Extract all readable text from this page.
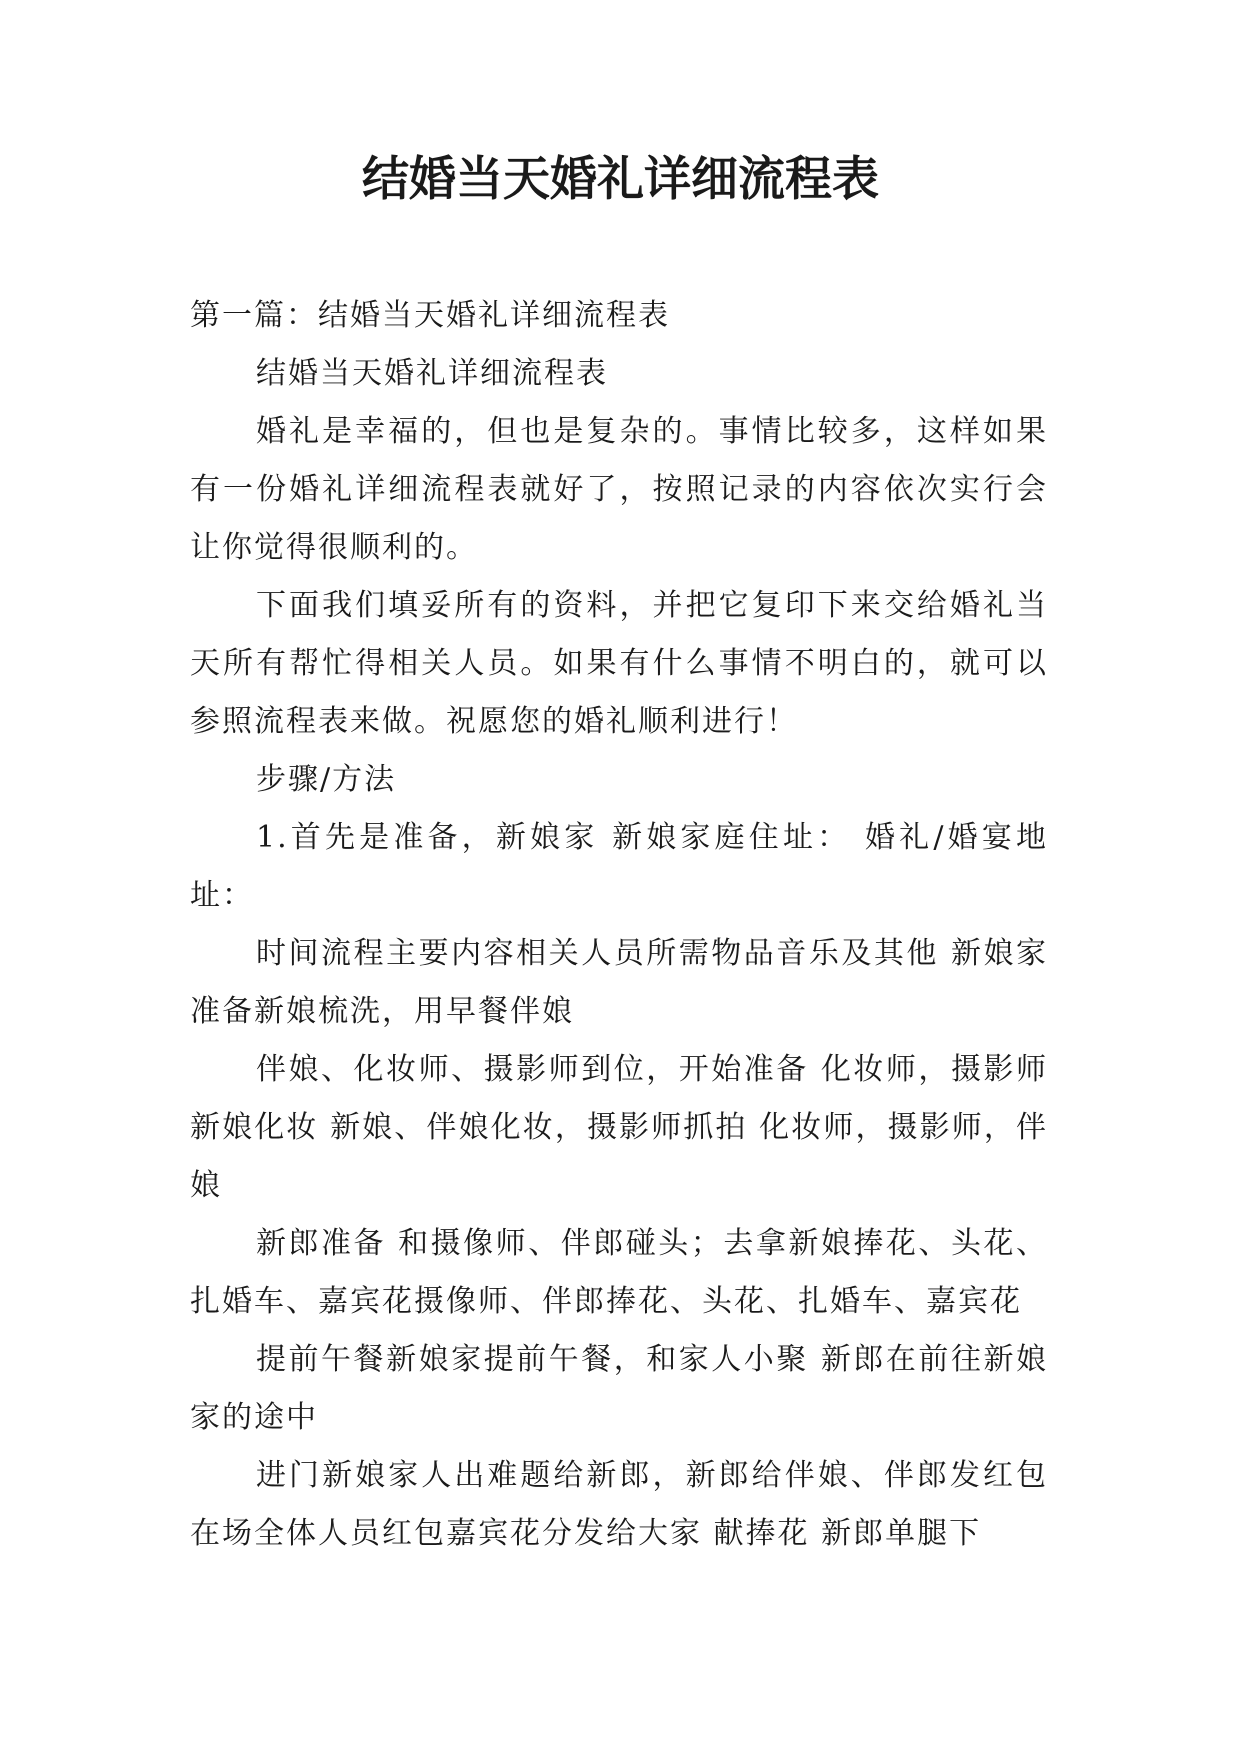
结婚当天婚礼详细流程表

第一篇：结婚当天婚礼详细流程表

结婚当天婚礼详细流程表

婚礼是幸福的，但也是复杂的。事情比较多，这样如果有一份婚礼详细流程表就好了，按照记录的内容依次实行会让你觉得很顺利的。

下面我们填妥所有的资料，并把它复印下来交给婚礼当天所有帮忙得相关人员。如果有什么事情不明白的，就可以参照流程表来做。祝愿您的婚礼顺利进行！

步骤/方法

1.首先是准备，新娘家 新娘家庭住址： 婚礼/婚宴地址：

时间流程主要内容相关人员所需物品音乐及其他 新娘家 准备新娘梳洗，用早餐伴娘

伴娘、化妆师、摄影师到位，开始准备 化妆师，摄影师 新娘化妆 新娘、伴娘化妆，摄影师抓拍 化妆师，摄影师，伴娘

新郎准备 和摄像师、伴郎碰头；去拿新娘捧花、头花、扎婚车、嘉宾花摄像师、伴郎捧花、头花、扎婚车、嘉宾花

提前午餐新娘家提前午餐，和家人小聚 新郎在前往新娘家的途中

进门新娘家人出难题给新郎，新郎给伴娘、伴郎发红包在场全体人员红包嘉宾花分发给大家 献捧花 新郎单腿下
